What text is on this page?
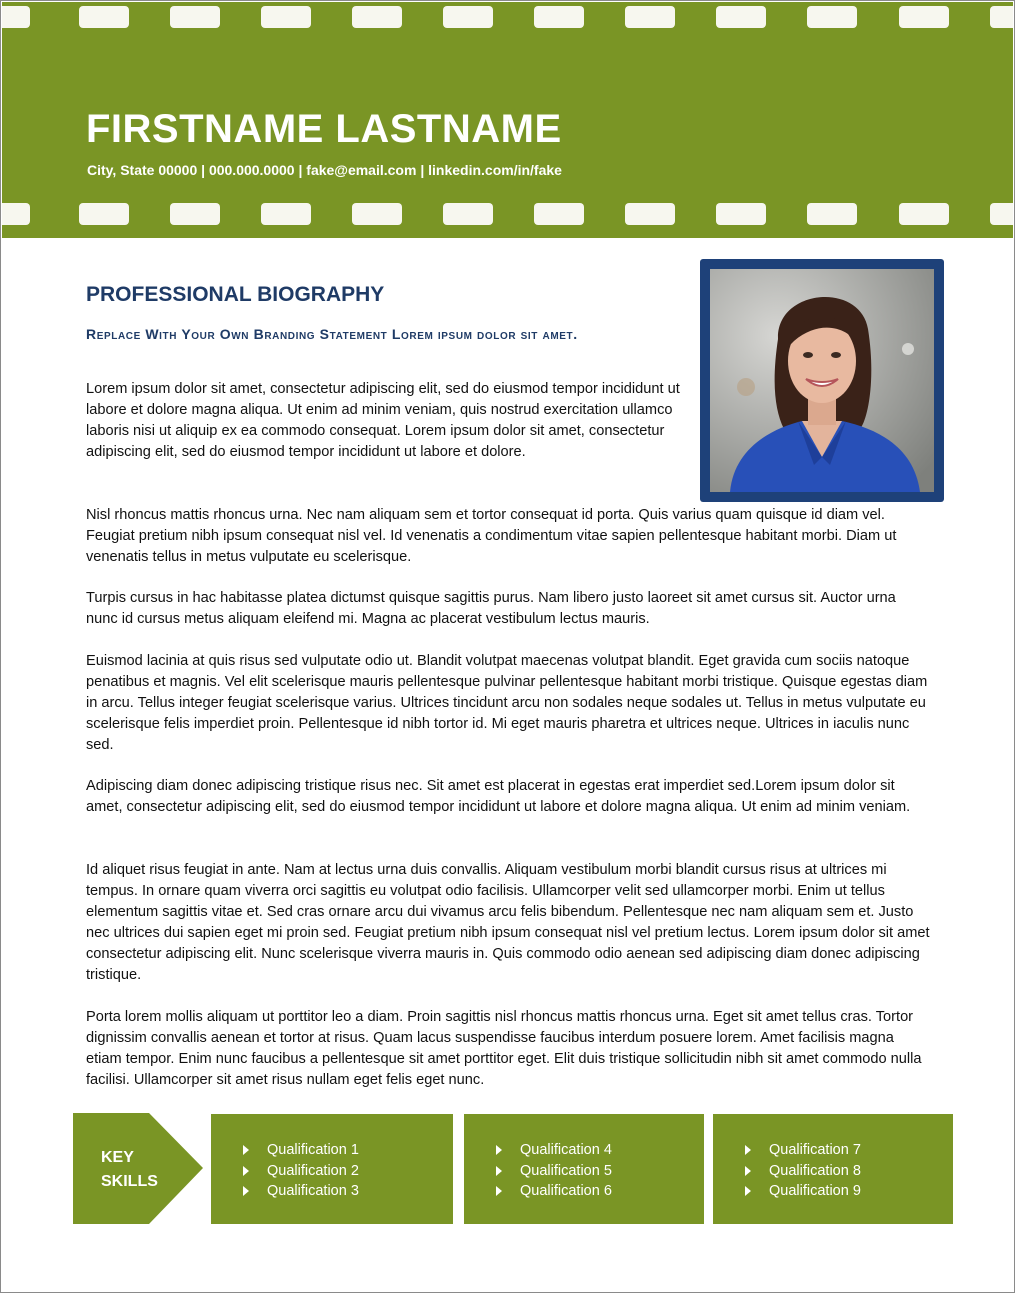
FIRSTNAME LASTNAME
City, State 00000 | 000.000.0000 | fake@email.com | linkedin.com/in/fake
PROFESSIONAL BIOGRAPHY
Replace With Your Own Branding Statement Lorem ipsum dolor sit amet.
Lorem ipsum dolor sit amet, consectetur adipiscing elit, sed do eiusmod tempor incididunt ut labore et dolore magna aliqua. Ut enim ad minim veniam, quis nostrud exercitation ullamco laboris nisi ut aliquip ex ea commodo consequat. Lorem ipsum dolor sit amet, consectetur adipiscing elit, sed do eiusmod tempor incididunt ut labore et dolore.
Nisl rhoncus mattis rhoncus urna. Nec nam aliquam sem et tortor consequat id porta. Quis varius quam quisque id diam vel. Feugiat pretium nibh ipsum consequat nisl vel. Id venenatis a condimentum vitae sapien pellentesque habitant morbi. Diam ut venenatis tellus in metus vulputate eu scelerisque.
Turpis cursus in hac habitasse platea dictumst quisque sagittis purus. Nam libero justo laoreet sit amet cursus sit. Auctor urna nunc id cursus metus aliquam eleifend mi. Magna ac placerat vestibulum lectus mauris.
Euismod lacinia at quis risus sed vulputate odio ut. Blandit volutpat maecenas volutpat blandit. Eget gravida cum sociis natoque penatibus et magnis. Vel elit scelerisque mauris pellentesque pulvinar pellentesque habitant morbi tristique. Quisque egestas diam in arcu. Tellus integer feugiat scelerisque varius. Ultrices tincidunt arcu non sodales neque sodales ut. Tellus in metus vulputate eu scelerisque felis imperdiet proin. Pellentesque id nibh tortor id. Mi eget mauris pharetra et ultrices neque. Ultrices in iaculis nunc sed.
Adipiscing diam donec adipiscing tristique risus nec. Sit amet est placerat in egestas erat imperdiet sed.Lorem ipsum dolor sit amet, consectetur adipiscing elit, sed do eiusmod tempor incididunt ut labore et dolore magna aliqua. Ut enim ad minim veniam.
Id aliquet risus feugiat in ante. Nam at lectus urna duis convallis. Aliquam vestibulum morbi blandit cursus risus at ultrices mi tempus. In ornare quam viverra orci sagittis eu volutpat odio facilisis. Ullamcorper velit sed ullamcorper morbi. Enim ut tellus elementum sagittis vitae et. Sed cras ornare arcu dui vivamus arcu felis bibendum. Pellentesque nec nam aliquam sem et. Justo nec ultrices dui sapien eget mi proin sed. Feugiat pretium nibh ipsum consequat nisl vel pretium lectus. Lorem ipsum dolor sit amet consectetur adipiscing elit. Nunc scelerisque viverra mauris in. Quis commodo odio aenean sed adipiscing diam donec adipiscing tristique.
Porta lorem mollis aliquam ut porttitor leo a diam. Proin sagittis nisl rhoncus mattis rhoncus urna. Eget sit amet tellus cras. Tortor dignissim convallis aenean et tortor at risus. Quam lacus suspendisse faucibus interdum posuere lorem. Amet facilisis magna etiam tempor. Enim nunc faucibus a pellentesque sit amet porttitor eget. Elit duis tristique sollicitudin nibh sit amet commodo nulla facilisi. Ullamcorper sit amet risus nullam eget felis eget nunc.
KEY
SKILLS
Qualification 1
Qualification 2
Qualification 3
Qualification 4
Qualification 5
Qualification 6
Qualification 7
Qualification 8
Qualification 9
